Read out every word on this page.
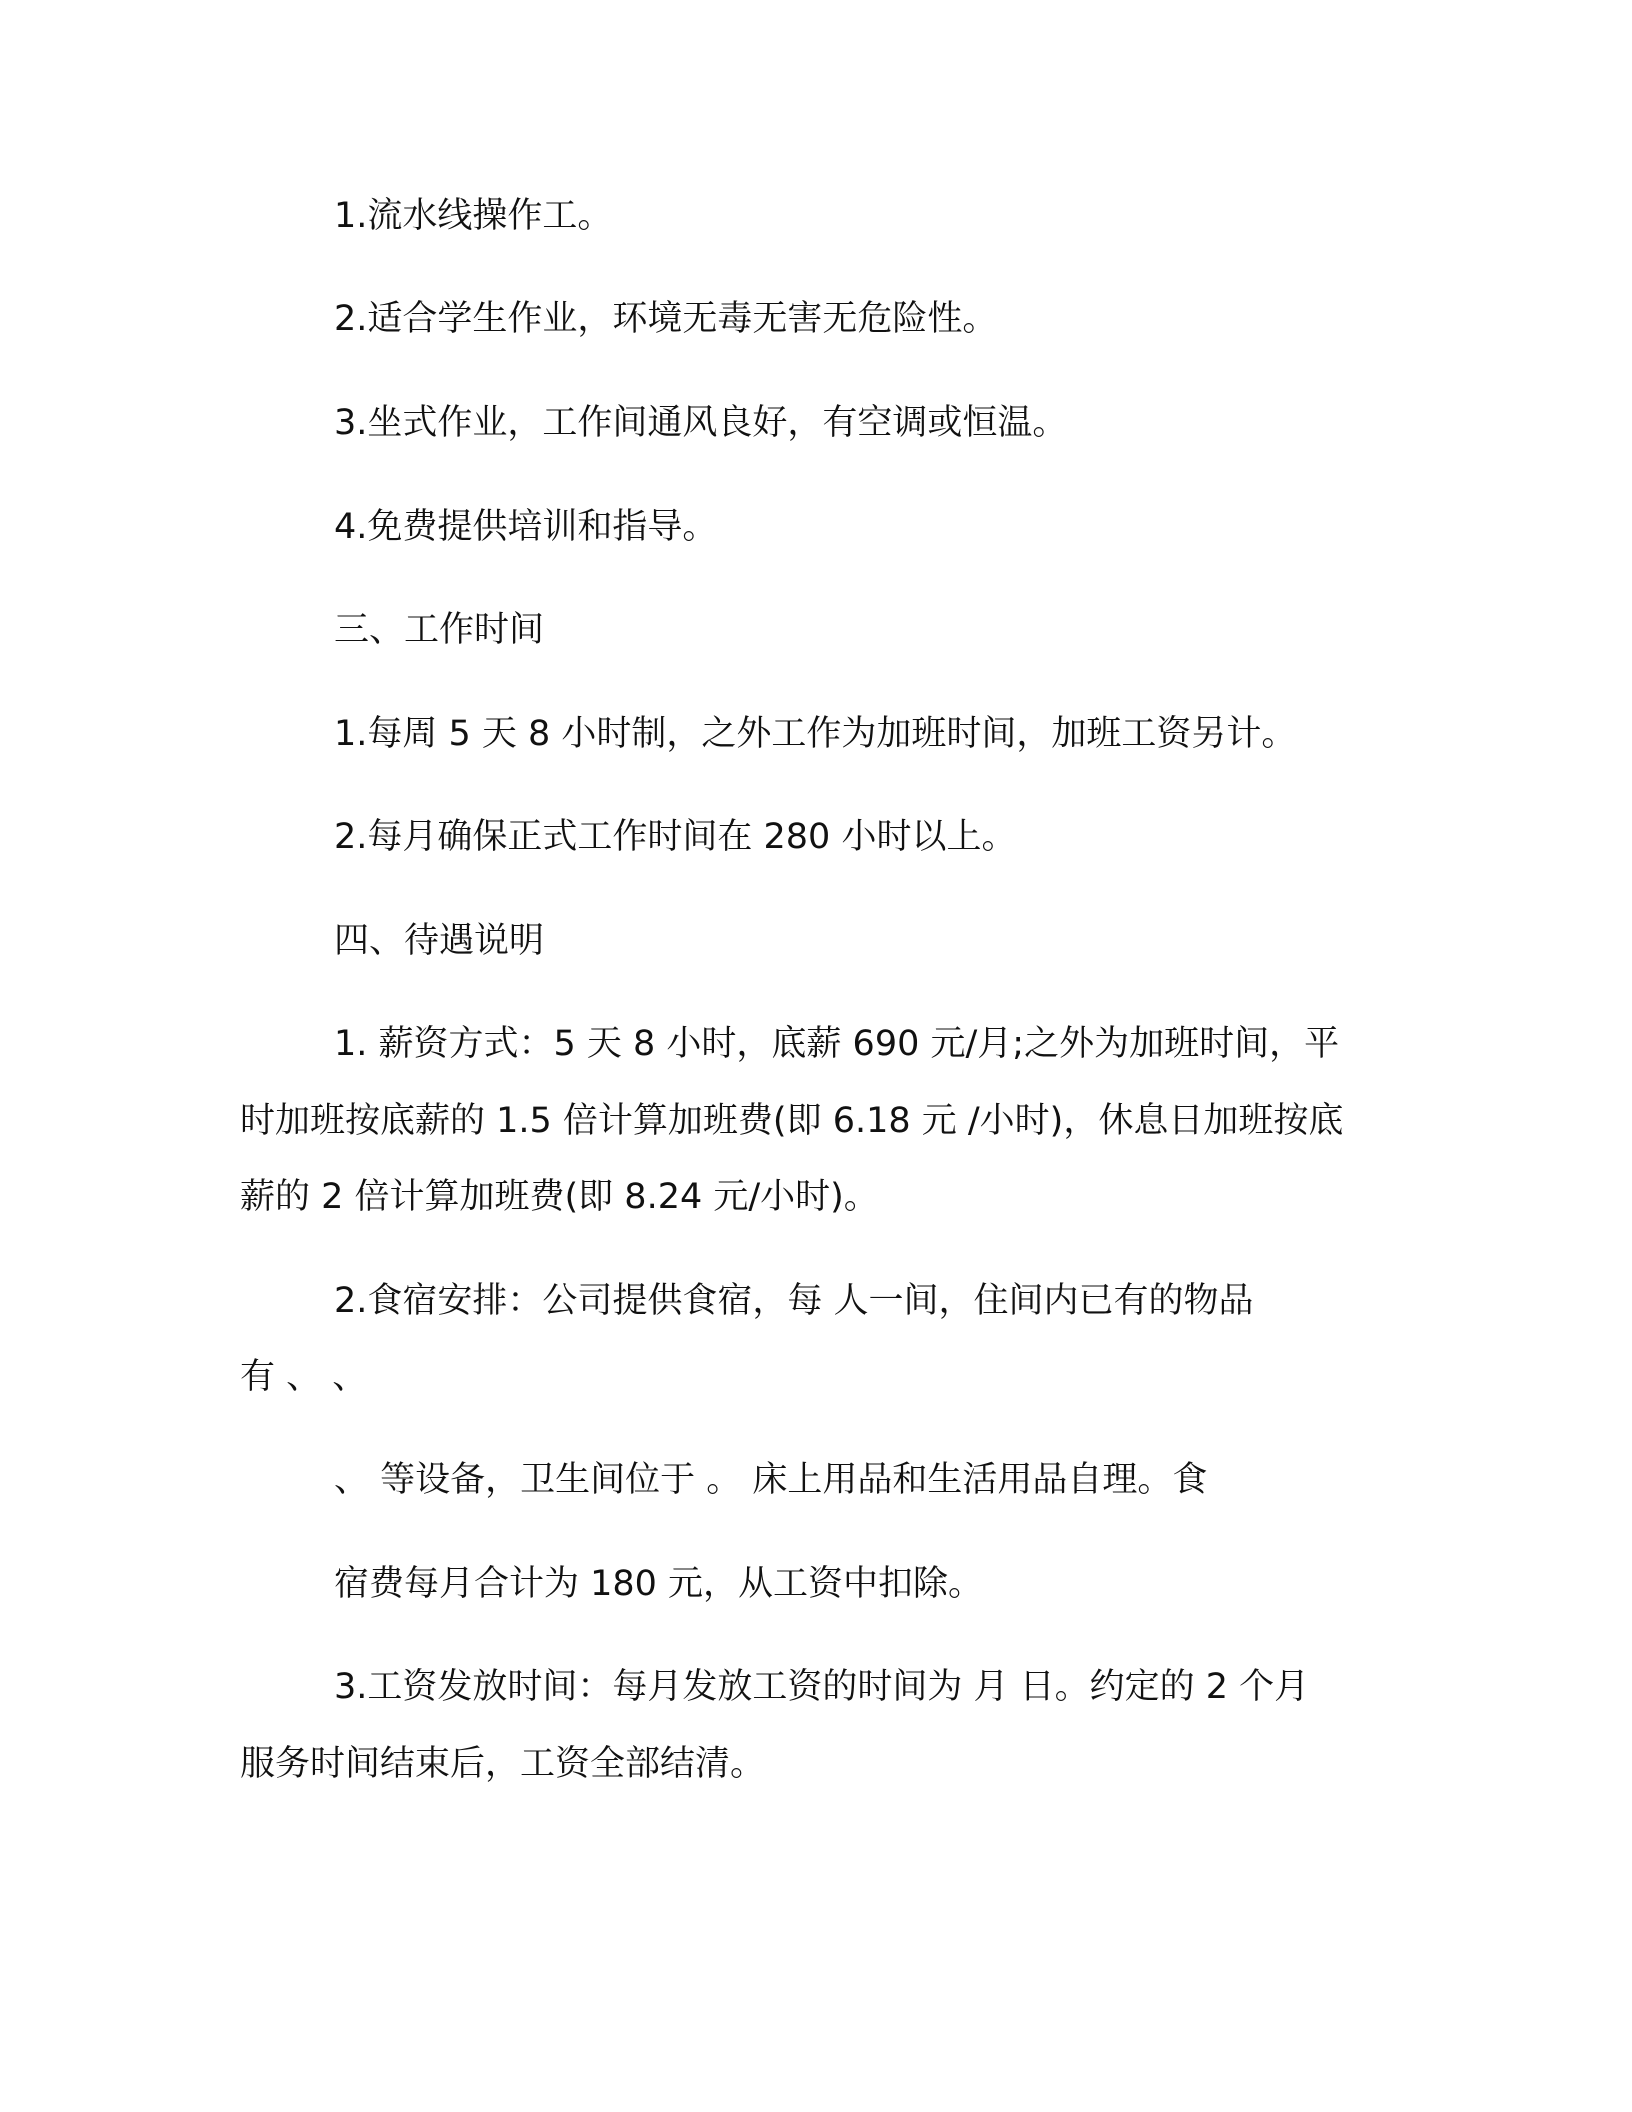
1.流水线操作工。
2.适合学生作业，环境无毒无害无危险性。
3.坐式作业，工作间通风良好，有空调或恒温。
4.免费提供培训和指导。
三、工作时间
1.每周 5 天 8 小时制，之外工作为加班时间，加班工资另计。
2.每月确保正式工作时间在 280 小时以上。
四、待遇说明
1. 薪资方式：5 天 8 小时，底薪 690 元/月;之外为加班时间，平
时加班按底薪的 1.5 倍计算加班费(即 6.18 元 /小时)，休息日加班按底
薪的 2 倍计算加班费(即 8.24 元/小时)。
2.食宿安排：公司提供食宿，每 人一间，住间内已有的物品
有 、 、
、 等设备，卫生间位于 。 床上用品和生活用品自理。食
宿费每月合计为 180 元，从工资中扣除。
3.工资发放时间：每月发放工资的时间为 月 日。约定的 2 个月
服务时间结束后，工资全部结清。
